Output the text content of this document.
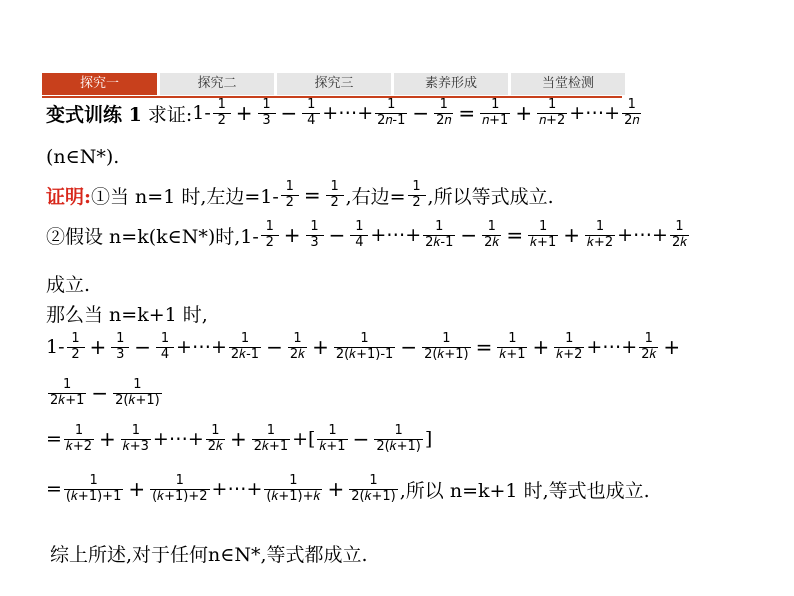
探究一	探究二	探究三	素养形成	当堂检测
变式训练 1 求证: $1- \frac{1}{2} + \frac{1}{3} - \frac{1}{4}$ +⋯+ $\frac{1}{\text{2𝑛-1}} - \frac{1}{\text{2𝑛}} = \frac{1}{\text{𝑛+1}} + \frac{1}{\text{𝑛+2}}$ +⋯+ $\frac{1}{\text{2𝑛}}$
(n∈N*).
证明: ①当 n=1 时,左边$=1- \frac{1}{2} = \frac{1}{2}$ ,右边= $\frac{1}{2}$ ,所以等式成立.
②假设 n=k(k∈N*)时$,1- \frac{1}{2} + \frac{1}{3} - \frac{1}{4}$ +⋯+ $\frac{1}{\text{2𝑘-1}} - \frac{1}{\text{2𝑘}} = \frac{1}{\text{𝑘+1}} + \frac{1}{\text{𝑘+2}}$ +⋯+ $\frac{1}{\text{2𝑘}}$
成立.
那么当 n=k+1 时,
$1- \frac{1}{2} + \frac{1}{3} - \frac{1}{4}$ +⋯+ $\frac{1}{\text{2𝑘-1}} - \frac{1}{\text{2𝑘}} + \frac{1}{\text{2(𝑘+1)-1}} - \frac{1}{\text{2(𝑘+1)}} = \frac{1}{\text{𝑘+1}} + \frac{1}{\text{𝑘+2}}$ +⋯+ $\frac{1}{\text{2𝑘}}$ +
$\frac{1}{\text{2𝑘+1}} - \frac{1}{\text{2(𝑘+1)}}$
= $\frac{1}{\text{𝑘+2}} + \frac{1}{\text{𝑘+3}}$ +⋯+ $\frac{1}{\text{2𝑘}} + \frac{1}{\text{2𝑘+1}}$ +[ $\frac{1}{\text{𝑘+1}} - \frac{1}{\text{2(𝑘+1)}}$ ]
= $\frac{1}{\text{(𝑘+1)+1}} + \frac{1}{\text{(𝑘+1)+2}}$ +⋯+ $\frac{1}{\text{(𝑘+1)+𝑘}} + \frac{1}{\text{2(𝑘+1)}}$ ,所以 n=k+1 时,等式也成立.
综上所述,对于任何n∈N*,等式都成立.
